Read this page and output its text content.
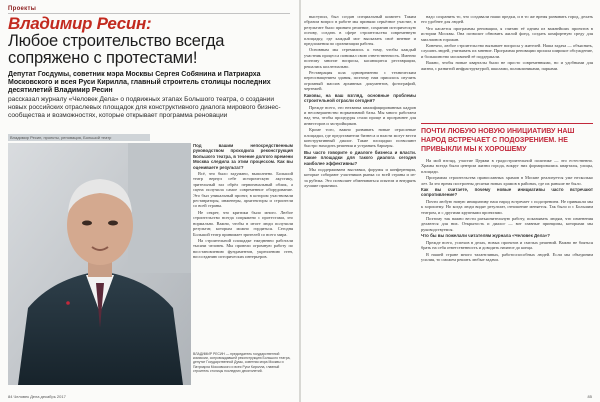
Проекты
Владимир Ресин:
Любое строительство всегда сопряжено с протестами!
Депутат Госдумы, советник мэра Москвы Сергея Собянина и Патриарха Московского и всея Руси Кирилла, главный строитель столицы последних десятилетий Владимир Ресин
рассказал журналу «Человек Дела» о подвижных этапах Большого театра, о создании новых российских отраслевых площадок для конструктивного диалога мирового бизнес-сообщества и возможностях, которые открывает программа реновации
Владимир Ресин, проекты, реновация, Большой театр
ВЛАДИМИР РЕСИН — председатель государственной комиссии, сопровождавшей реконструкцию Большого театра, депутат Государственной Думы, советник мэра Москвы и Патриарха Московского и всея Руси Кирилла, главный строитель столицы последних десятилетий.

Под вашим непосредственным руководством проходила реконструкция Большого театра, в течение долгого времени Москва следила за этим процессом. Как вы оцениваете результат?

Всё, что было задумано, выполнено. Большой театр вернул себе историческую акустику, зрительный зал обрёл первоначальный облик, а сцена получила самое современное оборудование. Это был уникальный проект, в котором участвовали реставраторы, инженеры, архитекторы и строители со всей страны.

Не секрет, что критики было много. Любое строительство всегда сопряжено с протестами, это нормально. Важно, чтобы в итоге люди получили результат, которым можно гордиться. Сегодня Большой театр принимает зрителей со всего мира.

На строительной площадке ежедневно работали тысячи человек. Мы провели огромную работу по восстановлению фундаментов, укреплению стен, воссозданию исторических интерьеров.

выступил, был создан специальный комитет. Таким образом вопрос в работе мы приняли серьёзное участие, в результате было принято решение, сохранив историческую основу, создать в сфере строительства современную площадку, где каждый мог высказать своё мнение и предложения по организации работы.

Основным мы стремились к тому, чтобы каждый участник процесса понимал свою ответственность. Именно поэтому многие вопросы, касающиеся реставрации, решались коллегиально.

Реставрация шла одновременно с техническим переоснащением здания, поэтому нам пришлось изучить огромный массив архивных документов, фотографий, чертежей.

Каковы, на ваш взгляд, основные проблемы строительной отрасли сегодня?

Прежде всего, это нехватка квалифицированных кадров и несовершенство нормативной базы. Мы много работаем над тем, чтобы процедуры стали проще и прозрачнее для инвесторов и застройщиков.

Кроме того, важно развивать новые отраслевые площадки, где представители бизнеса и власти могут вести конструктивный диалог. Такие площадки позволяют быстро находить решения и устранять барьеры.

Вы часто говорите о диалоге бизнеса и власти. Какие площадки для такого диалога сегодня наиболее эффективны?

Мы поддерживаем выставки, форумы и конференции, которые собирают участников рынка со всей страны и из-за рубежа. Это позволяет обмениваться опытом и внедрять лучшие практики.

надо сохранить то, что создавали наши предки, и в то же время развивать город, делать его удобнее для людей.

Что касается программы реновации, я считаю её одним из важнейших проектов в истории Москвы. Она позволит обновить жилой фонд, создать комфортную среду для миллионов горожан.

Конечно, любое строительство вызывает вопросы у жителей. Наша задача — объяснять, слушать людей, учитывать их мнение. Программа реновации прошла широкое обсуждение, и большинство москвичей её поддержали.

Важно, чтобы новые кварталы были не просто современными, но и удобными для жизни, с развитой инфраструктурой, школами, поликлиниками, парками.

ПОЧТИ ЛЮБУЮ НОВУЮ ИНИЦИАТИВУ НАШ НАРОД ВСТРЕЧАЕТ С ПОДОЗРЕНИЕМ. НЕ ПРИВЫКЛИ МЫ К ХОРОШЕМУ

На мой взгляд, участие Церкви в градостроительной политике — это естественно. Храмы всегда были центром жизни города, вокруг них формировались кварталы, улицы, площади.

Программа строительства православных храмов в Москве реализуется уже несколько лет. За это время построены десятки новых храмов в районах, где их раньше не было.

Как вы считаете, почему новые инициативы часто встречают сопротивление?

Почти любую новую инициативу наш народ встречает с подозрением. Не привыкли мы к хорошему. Но когда люди видят результат, отношение меняется. Так было и с Большим театром, и с другими крупными проектами.

Поэтому так важно вести разъяснительную работу, показывать людям, что изменения делаются для них. Открытость и диалог — вот главные принципы, которыми мы руководствуемся.

Что бы вы пожелали читателям журнала «Человек Дела»?

Прежде всего, успехов в делах, новых проектов и смелых решений. Важно не бояться брать на себя ответственность и доводить начатое до конца.

В нашей стране много талантливых, работоспособных людей. Если мы объединим усилия, то сможем решить любые задачи.

84 Человек Дела декабрь 2017	85
